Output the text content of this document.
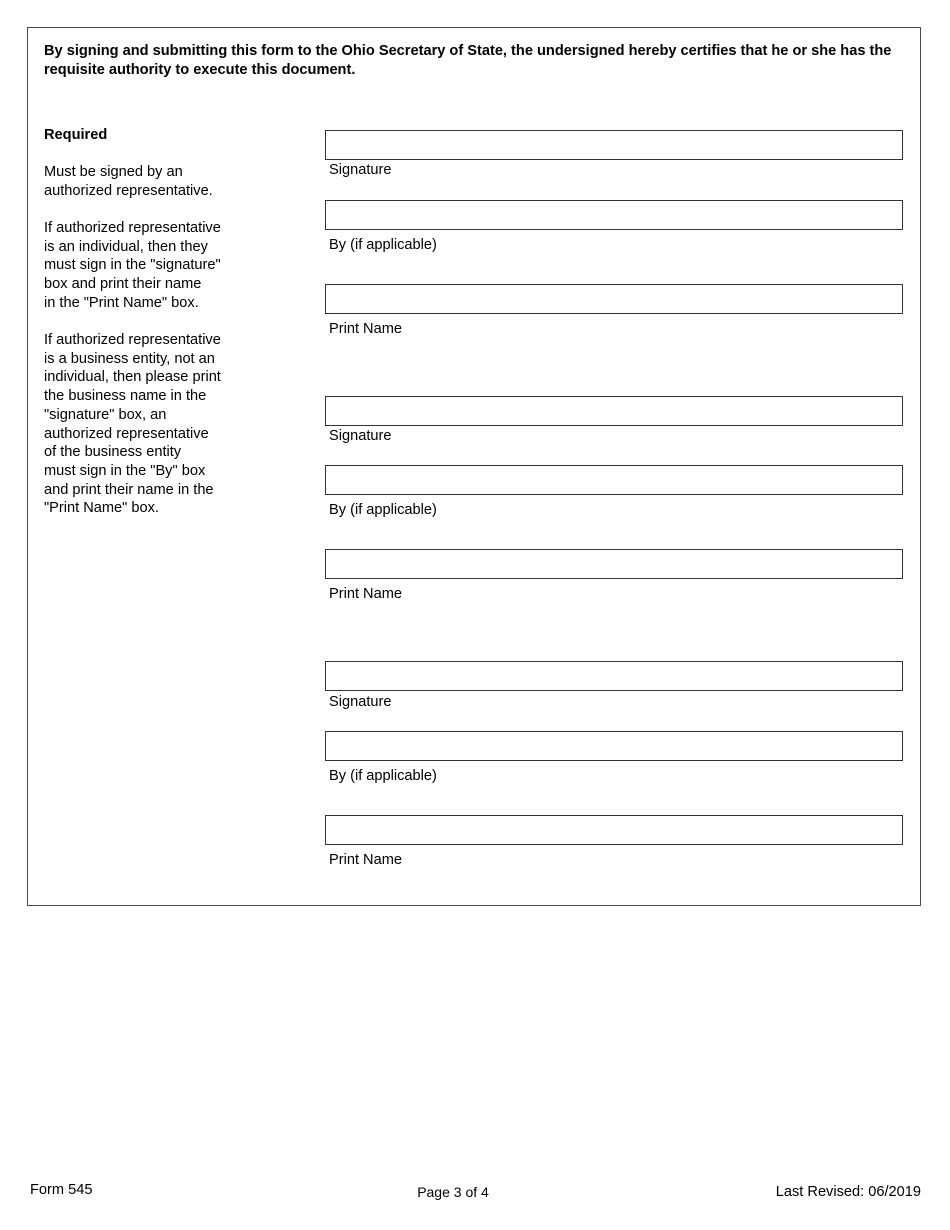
By signing and submitting this form to the Ohio Secretary of State, the undersigned hereby certifies that he or she has the requisite authority to execute this document.
Required

Must be signed by an

authorized representative.

If authorized representative

is an individual, then they

must sign in the "signature"

box and print their name

in the "Print Name" box.

If authorized representative

is a business entity, not an

individual, then please print

the business name in the

"signature" box, an

authorized representative

of the business entity

must sign in the "By" box

and print their name in the

"Print Name" box.

Signature
By (if applicable)
Print Name
Signature
By (if applicable)
Print Name
Signature
By (if applicable)
Print Name
Form 545	Page 3 of 4	Last Revised: 06/2019
